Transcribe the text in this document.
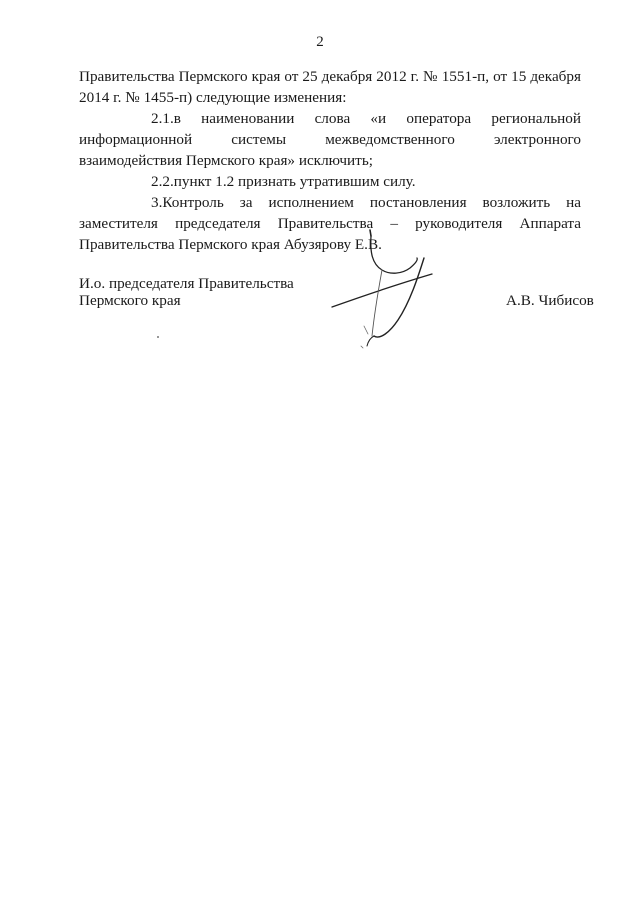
2

Правительства Пермского края от 25 декабря 2012 г. № 1551-п, от 15 декабря 2014 г. № 1455-п) следующие изменения:

2.1.в наименовании слова «и оператора региональной информационной системы межведомственного электронного взаимодействия Пермского края» исключить;

2.2.пункт 1.2 признать утратившим силу.

3.Контроль за исполнением постановления возложить на заместителя председателя Правительства – руководителя Аппарата Правительства Пермского края Абузярову Е.В.

И.о. председателя Правительства
Пермского края	А.В. Чибисов
